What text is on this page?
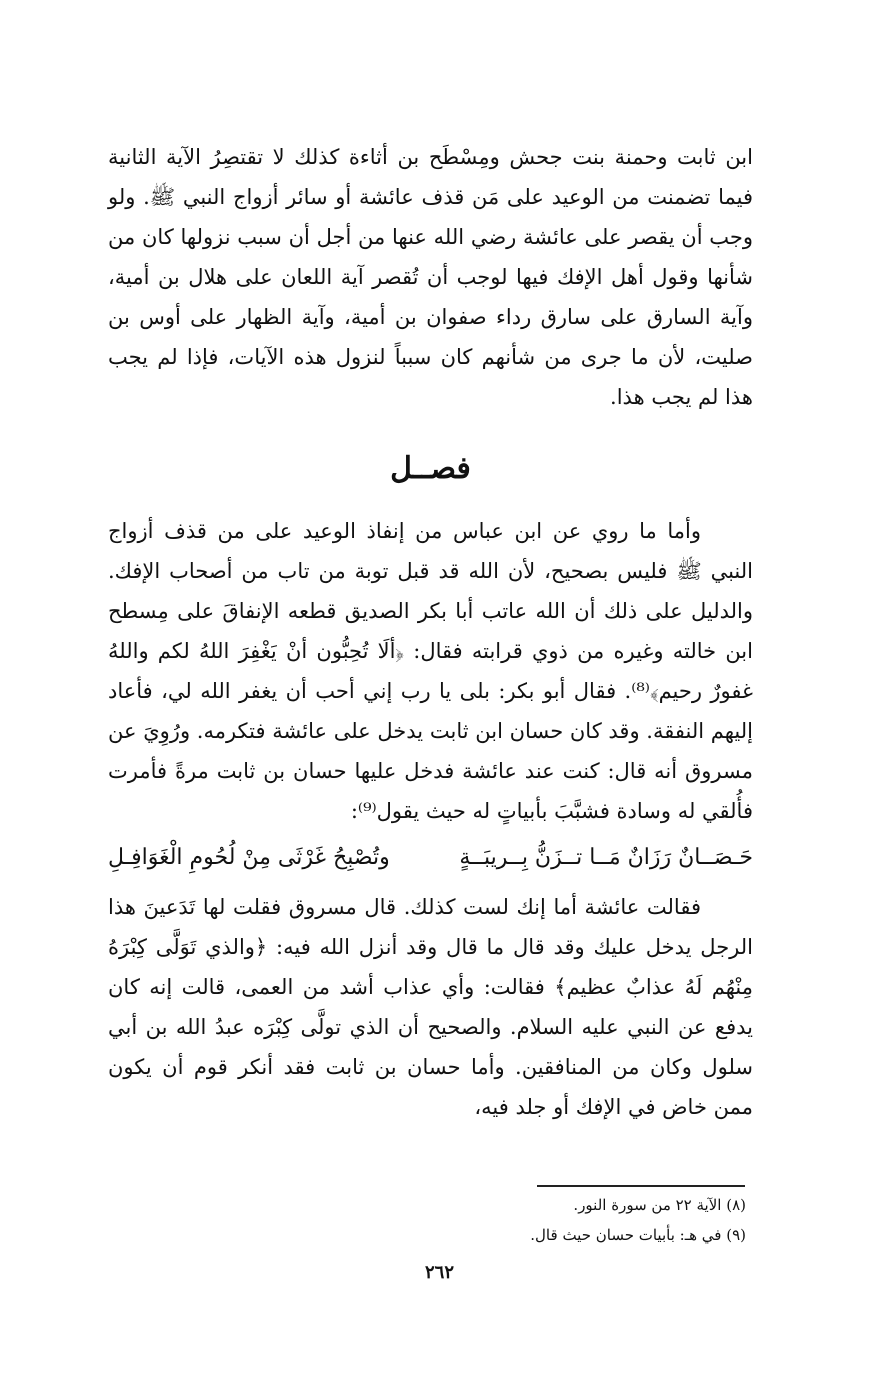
ابن ثابت وحمنة بنت جحش ومِسْطَح بن أثاءة كذلك لا تقتصِرُ الآية الثانية فيما تضمنت من الوعيد على مَن قذف عائشة أو سائر أزواج النبي ﷺ. ولو وجب أن يقصر على عائشة رضي الله عنها من أجل أن سبب نزولها كان من شأنها وقول أهل الإفك فيها لوجب أن تُقصر آية اللعان على هلال بن أمية، وآية السارق على سارق رداء صفوان بن أمية، وآية الظهار على أوس بن صليت، لأن ما جرى من شأنهم كان سبباً لنزول هذه الآيات، فإذا لم يجب هذا لم يجب هذا.

فصــل

وأما ما روي عن ابن عباس من إنفاذ الوعيد على من قذف أزواج النبي ﷺ فليس بصحيح، لأن الله قد قبل توبة من تاب من أصحاب الإفك. والدليل على ذلك أن الله عاتب أبا بكر الصديق قطعه الإنفاقَ على مِسطح ابن خالته وغيره من ذوي قرابته فقال: ﴿ألَا تُحِبُّون أنْ يَغْفِرَ اللهُ لكم واللهُ غفورٌ رحيم﴾⁽⁸⁾. فقال أبو بكر: بلى يا رب إني أحب أن يغفر الله لي، فأعاد إليهم النفقة. وقد كان حسان ابن ثابت يدخل على عائشة فتكرمه. ورُوِيَ عن مسروق أنه قال: كنت عند عائشة فدخل عليها حسان بن ثابت مرةً فأمرت فأُلقي له وسادة فشبَّبَ بأبياتٍ له حيث يقول⁽⁹⁾:

حَـصَــانٌ رَزَانٌ مَــا تــزَنُّ بِــريبَــةٍ
وتُصْبِحُ غَرْثَى مِنْ لُحُومِ الْغَوَافِـلِ

فقالت عائشة أما إنك لست كذلك. قال مسروق فقلت لها تَدَعينَ هذا الرجل يدخل عليك وقد قال ما قال وقد أنزل الله فيه: ﴿والذي تَوَلَّى كِبْرَهُ مِنْهُم لَهُ عذابٌ عظيم﴾ فقالت: وأي عذاب أشد من العمى، قالت إنه كان يدفع عن النبي عليه السلام. والصحيح أن الذي تولَّى كِبْرَه عبدُ الله بن أبي سلول وكان من المنافقين. وأما حسان بن ثابت فقد أنكر قوم أن يكون ممن خاض في الإفك أو جلد فيه،

(٨) الآية ٢٢ من سورة النور.
(٩) في هـ: بأبيات حسان حيث قال.
٢٦٢
